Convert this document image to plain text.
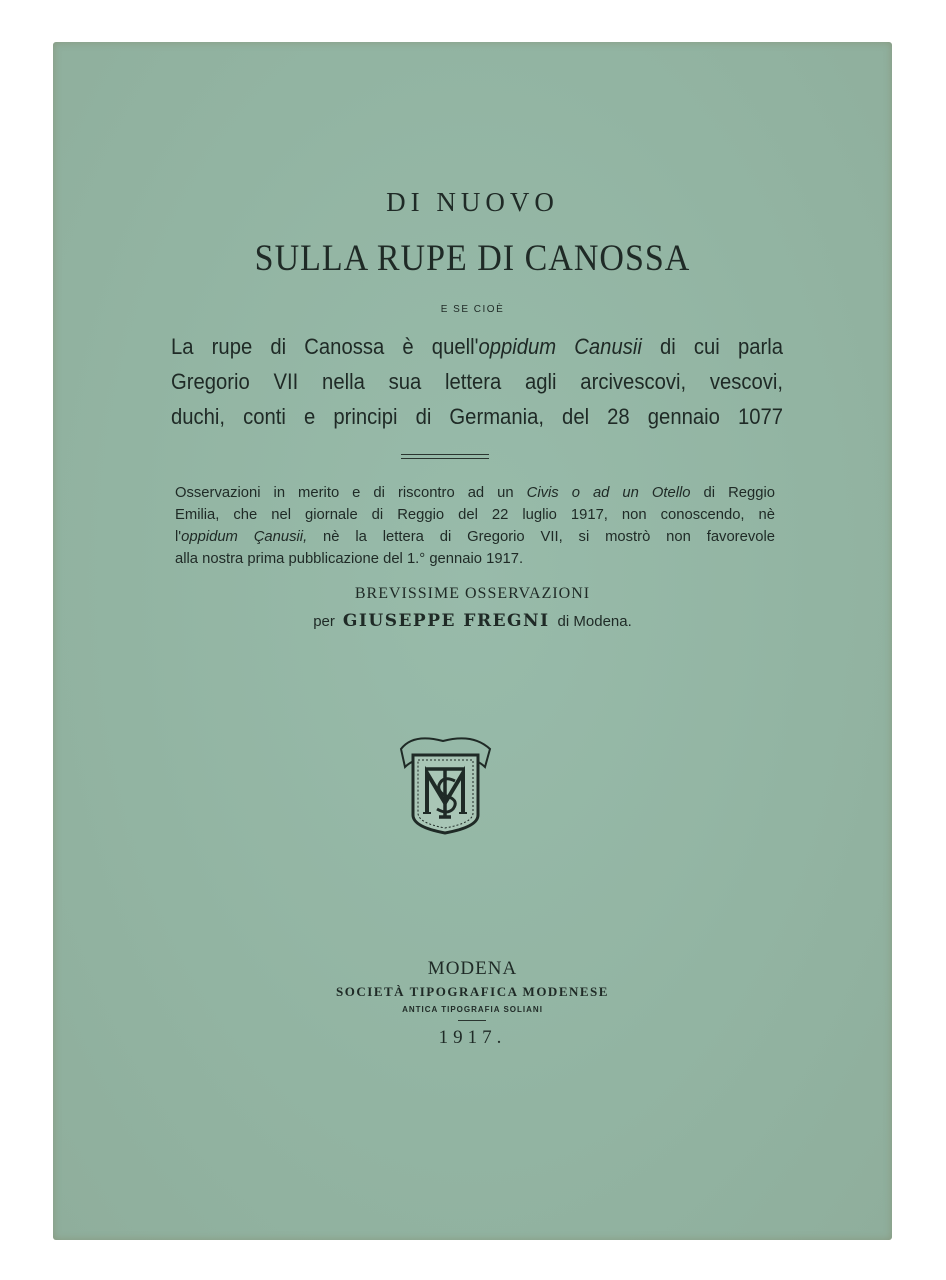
DI NUOVO
SULLA RUPE DI CANOSSA
E SE CIOÈ
La rupe di Canossa è quell'oppidum Canusii di cui parla
Gregorio VII nella sua lettera agli arcivescovi, vescovi,
duchi, conti e principi di Germania, del 28 gennaio 1077

Osservazioni in merito e di riscontro ad un Civis o ad un Otello di Reggio

Emilia, che nel giornale di Reggio del 22 luglio 1917, non conoscendo, nè

l'oppidum Çanusii, nè la lettera di Gregorio VII, si mostrò non favorevole

alla nostra prima pubblicazione del 1.° gennaio 1917.

BREVISSIME OSSERVAZIONI
per GIUSEPPE FREGNI di Modena.
MODENA
SOCIETÀ TIPOGRAFICA MODENESE
ANTICA TIPOGRAFIA SOLIANI
1917.
